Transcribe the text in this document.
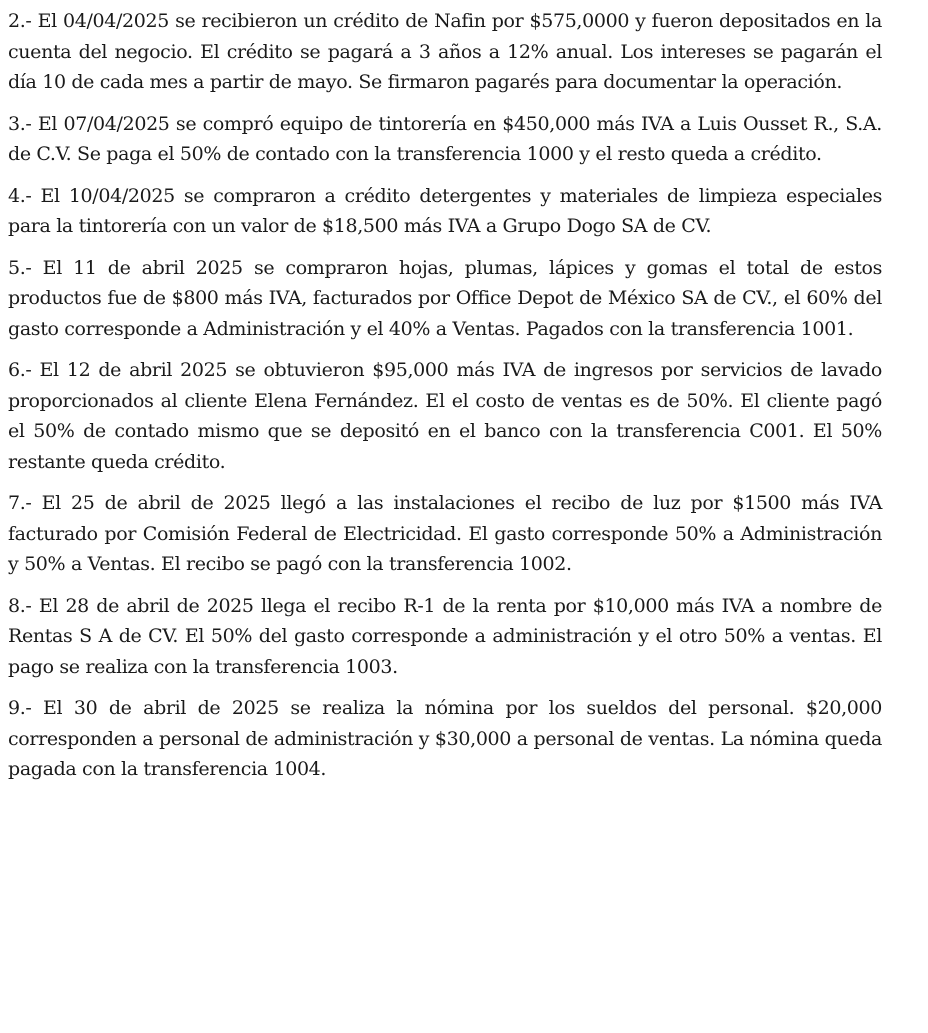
2.- El 04/04/2025 se recibieron un crédito de Nafin por $575,0000 y fueron depositados en la cuenta del negocio. El crédito se pagará a 3 años a 12% anual. Los intereses se pagarán el día 10 de cada mes a partir de mayo. Se firmaron pagarés para documentar la operación.

3.- El 07/04/2025 se compró equipo de tintorería en $450,000 más IVA a Luis Ousset R., S.A. de C.V. Se paga el 50% de contado con la transferencia 1000 y el resto queda a crédito.

4.- El 10/04/2025 se compraron a crédito detergentes y materiales de limpieza especiales para la tintorería con un valor de $18,500 más IVA a Grupo Dogo SA de CV.

5.- El 11 de abril 2025 se compraron hojas, plumas, lápices y gomas el total de estos productos fue de $800 más IVA, facturados por Office Depot de México SA de CV., el 60% del gasto corresponde a Administración y el 40% a Ventas. Pagados con la transferencia 1001.

6.- El 12 de abril 2025 se obtuvieron $95,000 más IVA de ingresos por servicios de lavado proporcionados al cliente Elena Fernández. El el costo de ventas es de 50%. El cliente pagó el 50% de contado mismo que se depositó en el banco con la transferencia C001. El 50% restante queda crédito.

7.- El 25 de abril de 2025 llegó a las instalaciones el recibo de luz por $1500 más IVA facturado por Comisión Federal de Electricidad. El gasto corresponde 50% a Administración y 50% a Ventas. El recibo se pagó con la transferencia 1002.

8.- El 28 de abril de 2025 llega el recibo R-1 de la renta por $10,000 más IVA a nombre de Rentas S A de CV. El 50% del gasto corresponde a administración y el otro 50% a ventas. El pago se realiza con la transferencia 1003.

9.- El 30 de abril de 2025 se realiza la nómina por los sueldos del personal. $20,000 corresponden a personal de administración y $30,000 a personal de ventas. La nómina queda pagada con la transferencia 1004.
